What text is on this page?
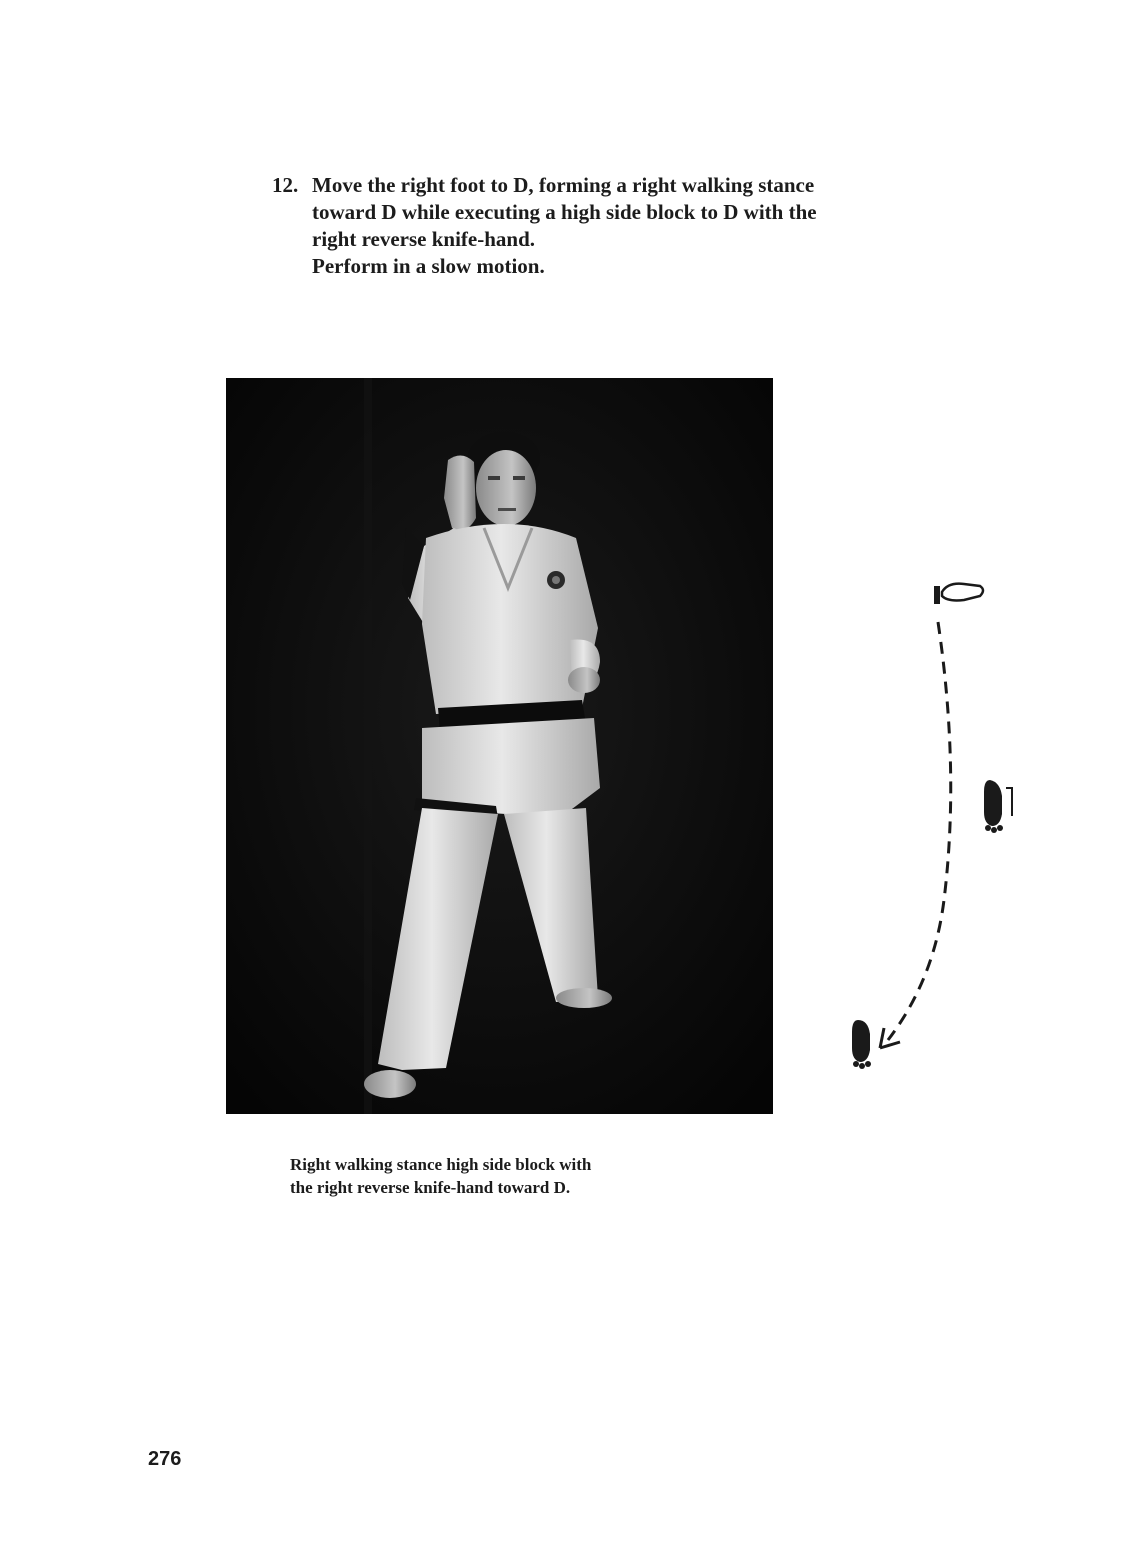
12. Move the right foot to D, forming a right walking stance
toward D while executing a high side block to D with the
right reverse knife-hand.
Perform in a slow motion.
Right walking stance high side block with
the right reverse knife-hand toward D.
276
